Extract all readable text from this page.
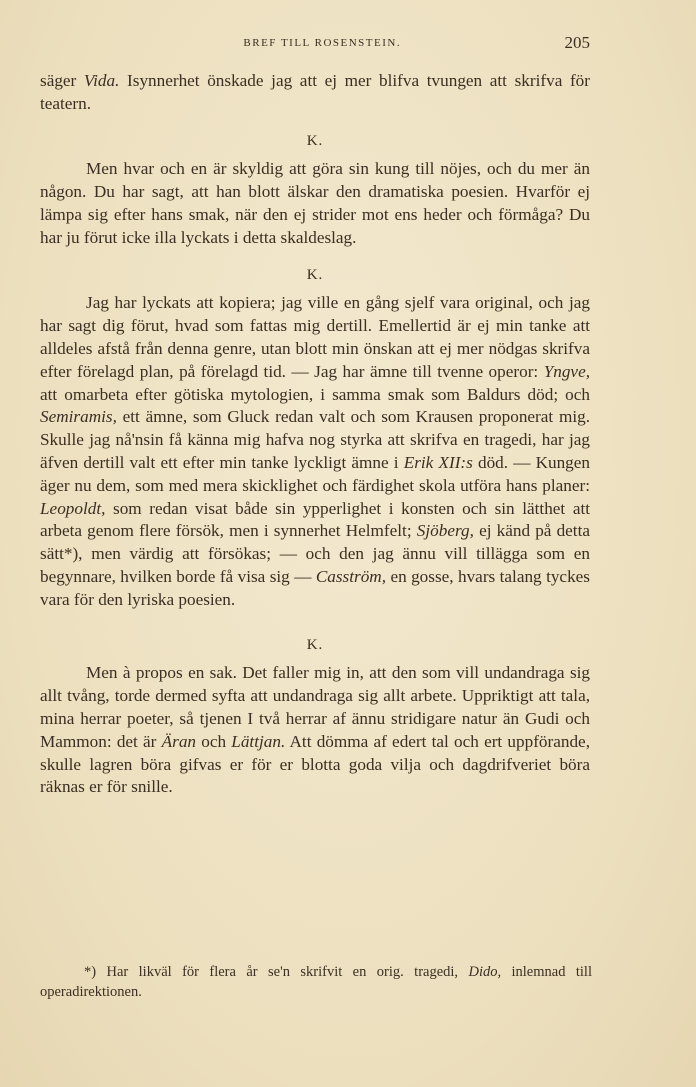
BREF TILL ROSENSTEIN.	205

säger Vida. Isynnerhet önskade jag att ej mer blifva tvungen att skrifva för teatern.

K.

Men hvar och en är skyldig att göra sin kung till nöjes, och du mer än någon. Du har sagt, att han blott älskar den dramatiska poesien. Hvarför ej lämpa sig efter hans smak, när den ej strider mot ens heder och förmåga? Du har ju förut icke illa lyckats i detta skaldeslag.

K.

Jag har lyckats att kopiera; jag ville en gång sjelf vara original, och jag har sagt dig förut, hvad som fattas mig dertill. Emellertid är ej min tanke att alldeles afstå från denna genre, utan blott min önskan att ej mer nödgas skrifva efter förelagd plan, på förelagd tid. — Jag har ämne till tvenne operor: Yngve, att omarbeta efter götiska mytologien, i samma smak som Baldurs död; och Semiramis, ett ämne, som Gluck redan valt och som Krausen proponerat mig. Skulle jag nå'nsin få känna mig hafva nog styrka att skrifva en tragedi, har jag äfven dertill valt ett efter min tanke lyckligt ämne i Erik XII:s död. — Kungen äger nu dem, som med mera skicklighet och färdighet skola utföra hans planer: Leopoldt, som redan visat både sin ypperlighet i konsten och sin lätthet att arbeta genom flere försök, men i synnerhet Helmfelt; Sjöberg, ej känd på detta sätt*), men värdig att försökas; — och den jag ännu vill tillägga som en begynnare, hvilken borde få visa sig — Casström, en gosse, hvars talang tyckes vara för den lyriska poesien.

K.

Men à propos en sak. Det faller mig in, att den som vill undandraga sig allt tvång, torde dermed syfta att undandraga sig allt arbete. Uppriktigt att tala, mina herrar poeter, så tjenen I två herrar af ännu stridigare natur än Gudi och Mammon: det är Äran och Lättjan. Att dömma af edert tal och ert uppförande, skulle lagren böra gifvas er för er blotta goda vilja och dagdrifveriet böra räknas er för snille.

*) Har likväl för flera år se'n skrifvit en orig. tragedi, Dido, inlemnad till operadirektionen.
